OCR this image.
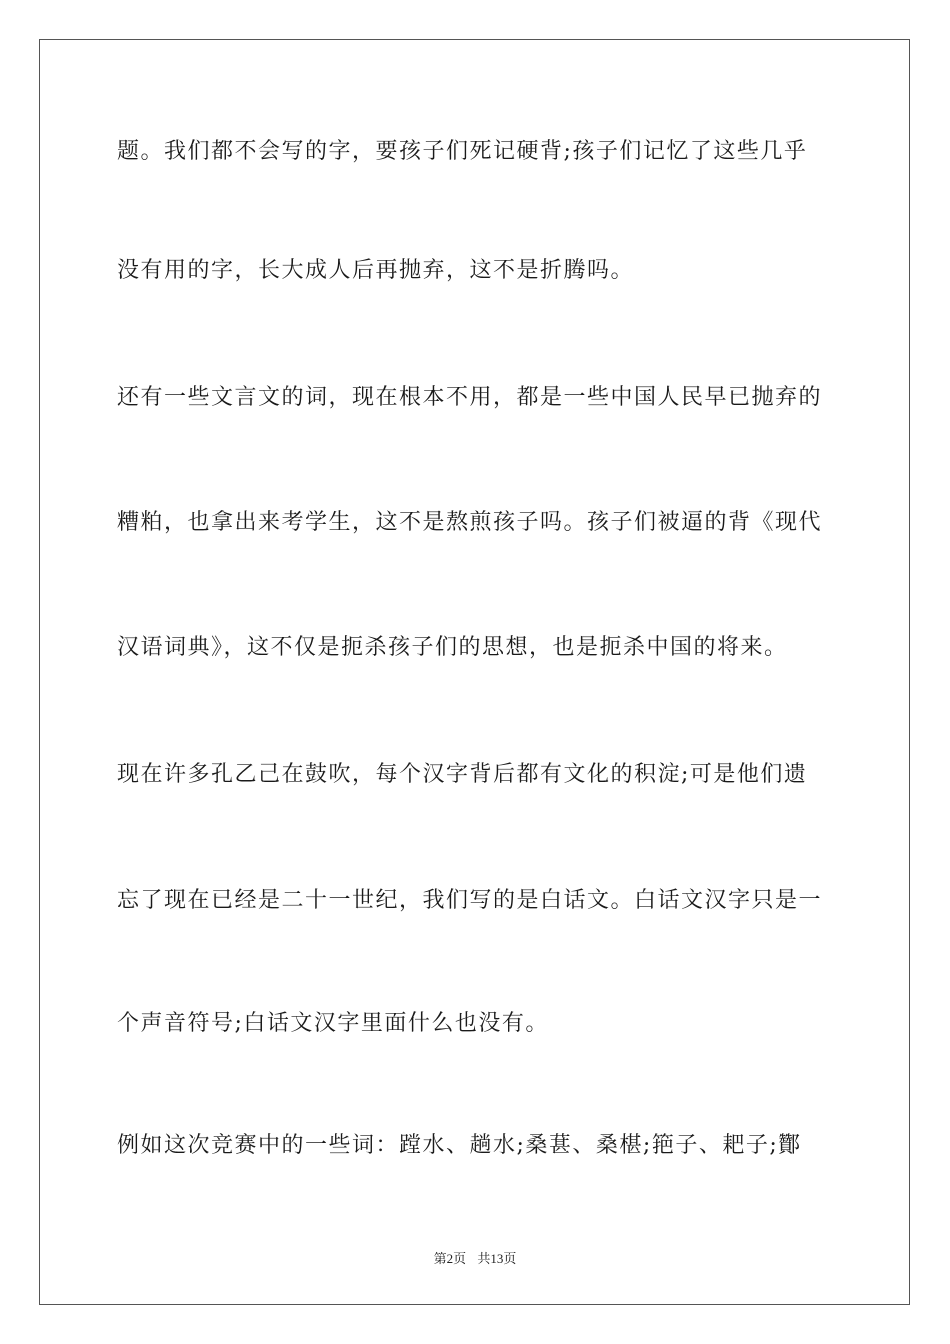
题。我们都不会写的字，要孩子们死记硬背;孩子们记忆了这些几乎
没有用的字，长大成人后再抛弃，这不是折腾吗。
还有一些文言文的词，现在根本不用，都是一些中国人民早已抛弃的
糟粕，也拿出来考学生，这不是熬煎孩子吗。孩子们被逼的背《现代
汉语词典》，这不仅是扼杀孩子们的思想，也是扼杀中国的将来。
现在许多孔乙己在鼓吹，每个汉字背后都有文化的积淀;可是他们遗
忘了现在已经是二十一世纪，我们写的是白话文。白话文汉字只是一
个声音符号;白话文汉字里面什么也没有。
例如这次竞赛中的一些词：蹚水、趟水;桑葚、桑椹;筢子、耙子;酇
第2页 共13页
